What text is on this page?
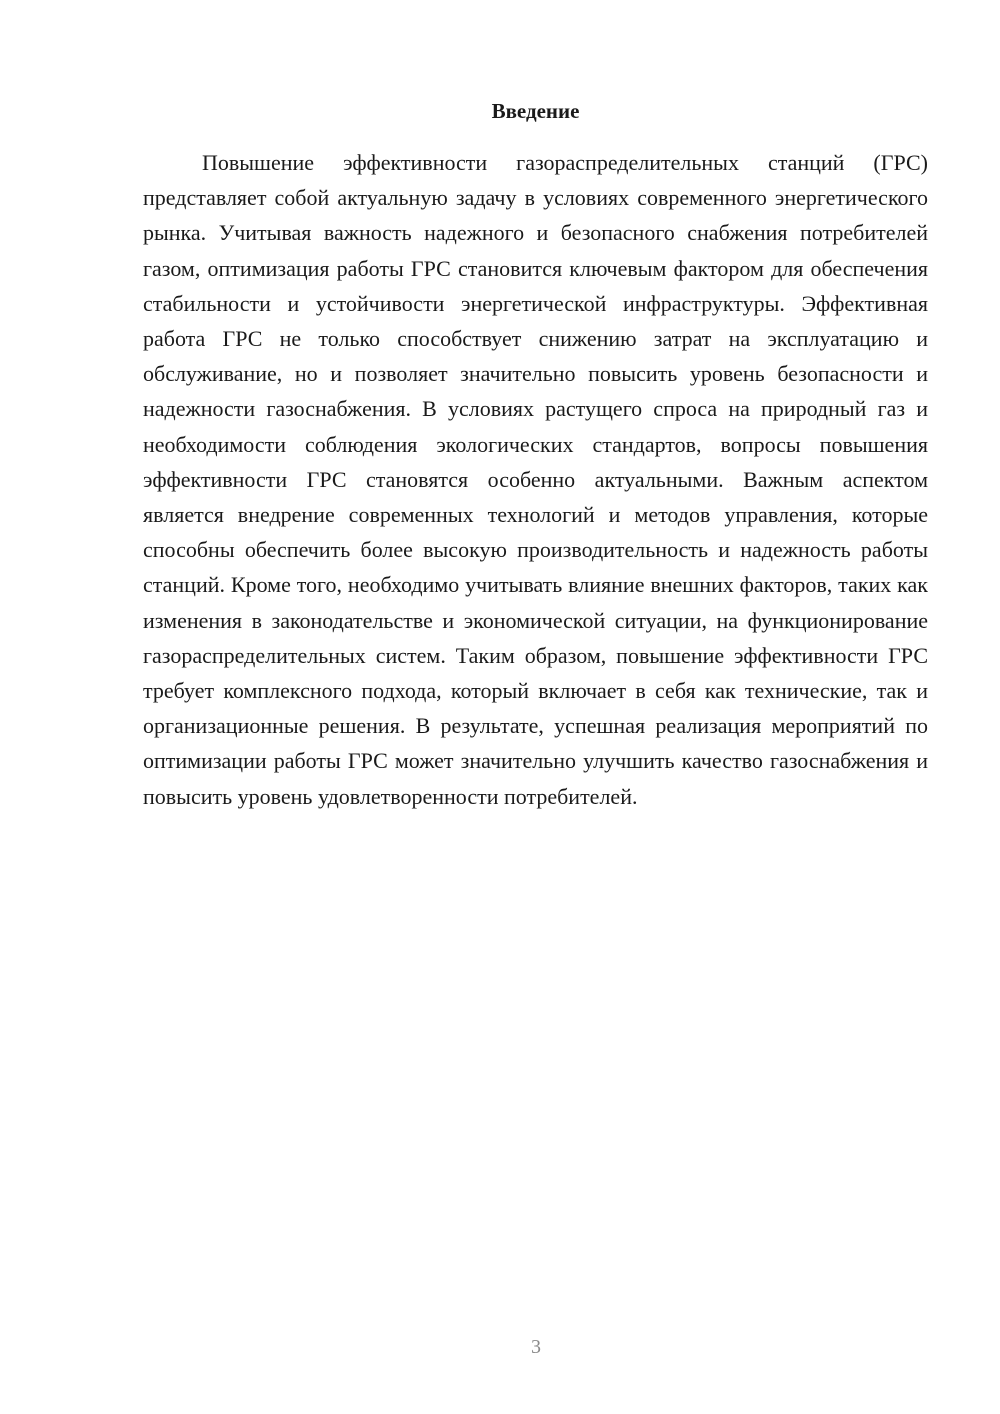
Введение

Повышение эффективности газораспределительных станций (ГРС) представляет собой актуальную задачу в условиях современного энергетического рынка. Учитывая важность надежного и безопасного снабжения потребителей газом, оптимизация работы ГРС становится ключевым фактором для обеспечения стабильности и устойчивости энергетической инфраструктуры. Эффективная работа ГРС не только способствует снижению затрат на эксплуатацию и обслуживание, но и позволяет значительно повысить уровень безопасности и надежности газоснабжения. В условиях растущего спроса на природный газ и необходимости соблюдения экологических стандартов, вопросы повышения эффективности ГРС становятся особенно актуальными. Важным аспектом является внедрение современных технологий и методов управления, которые способны обеспечить более высокую производительность и надежность работы станций. Кроме того, необходимо учитывать влияние внешних факторов, таких как изменения в законодательстве и экономической ситуации, на функционирование газораспределительных систем. Таким образом, повышение эффективности ГРС требует комплексного подхода, который включает в себя как технические, так и организационные решения. В результате, успешная реализация мероприятий по оптимизации работы ГРС может значительно улучшить качество газоснабжения и повысить уровень удовлетворенности потребителей.

3
